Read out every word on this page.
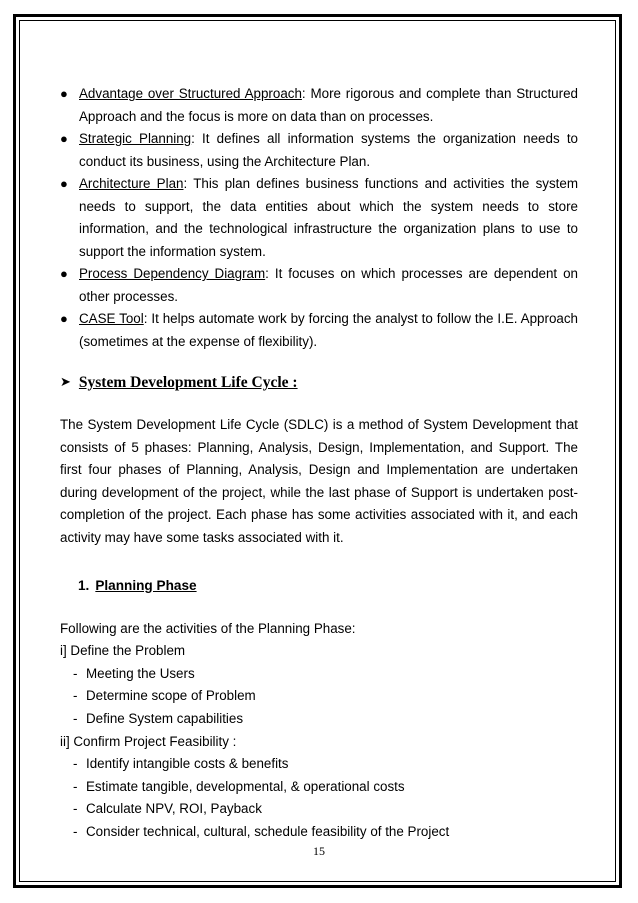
● Advantage over Structured Approach: More rigorous and complete than Structured Approach and the focus is more on data than on processes.
● Strategic Planning: It defines all information systems the organization needs to conduct its business, using the Architecture Plan.
● Architecture Plan: This plan defines business functions and activities the system needs to support, the data entities about which the system needs to store information, and the technological infrastructure the organization plans to use to support the information system.
● Process Dependency Diagram: It focuses on which processes are dependent on other processes.
● CASE Tool: It helps automate work by forcing the analyst to follow the I.E. Approach (sometimes at the expense of flexibility).
➤ System Development Life Cycle :

The System Development Life Cycle (SDLC) is a method of System Development that consists of 5 phases: Planning, Analysis, Design, Implementation, and Support. The first four phases of Planning, Analysis, Design and Implementation are undertaken during development of the project, while the last phase of Support is undertaken post-completion of the project. Each phase has some activities associated with it, and each activity may have some tasks associated with it.

1. Planning Phase
Following are the activities of the Planning Phase:
i] Define the Problem
- Meeting the Users
- Determine scope of Problem
- Define System capabilities
ii] Confirm Project Feasibility :
- Identify intangible costs & benefits
- Estimate tangible, developmental, & operational costs
- Calculate NPV, ROI, Payback
- Consider technical, cultural, schedule feasibility of the Project
15
